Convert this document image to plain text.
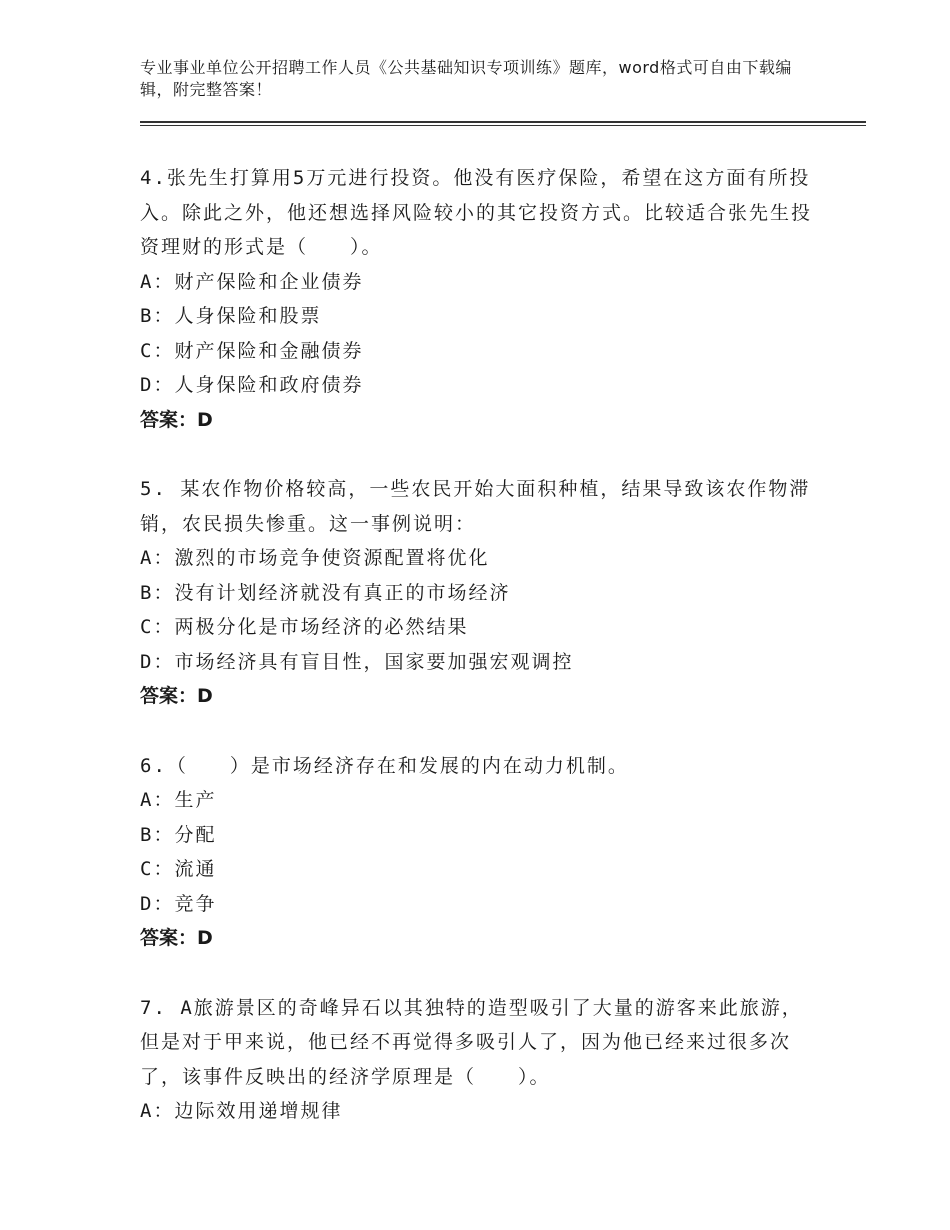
专业事业单位公开招聘工作人员《公共基础知识专项训练》题库，word格式可自由下载编辑，附完整答案！
4.张先生打算用5万元进行投资。他没有医疗保险，希望在这方面有所投入。除此之外，他还想选择风险较小的其它投资方式。比较适合张先生投资理财的形式是（　　）。
A：财产保险和企业债券
B：人身保险和股票
C：财产保险和金融债券
D：人身保险和政府债券
答案：D
5. 某农作物价格较高，一些农民开始大面积种植，结果导致该农作物滞销，农民损失惨重。这一事例说明：
A：激烈的市场竞争使资源配置将优化
B：没有计划经济就没有真正的市场经济
C：两极分化是市场经济的必然结果
D：市场经济具有盲目性，国家要加强宏观调控
答案：D
6.（　　）是市场经济存在和发展的内在动力机制。
A：生产
B：分配
C：流通
D：竞争
答案：D
7. A旅游景区的奇峰异石以其独特的造型吸引了大量的游客来此旅游，但是对于甲来说，他已经不再觉得多吸引人了，因为他已经来过很多次了，该事件反映出的经济学原理是（　　）。
A：边际效用递增规律
